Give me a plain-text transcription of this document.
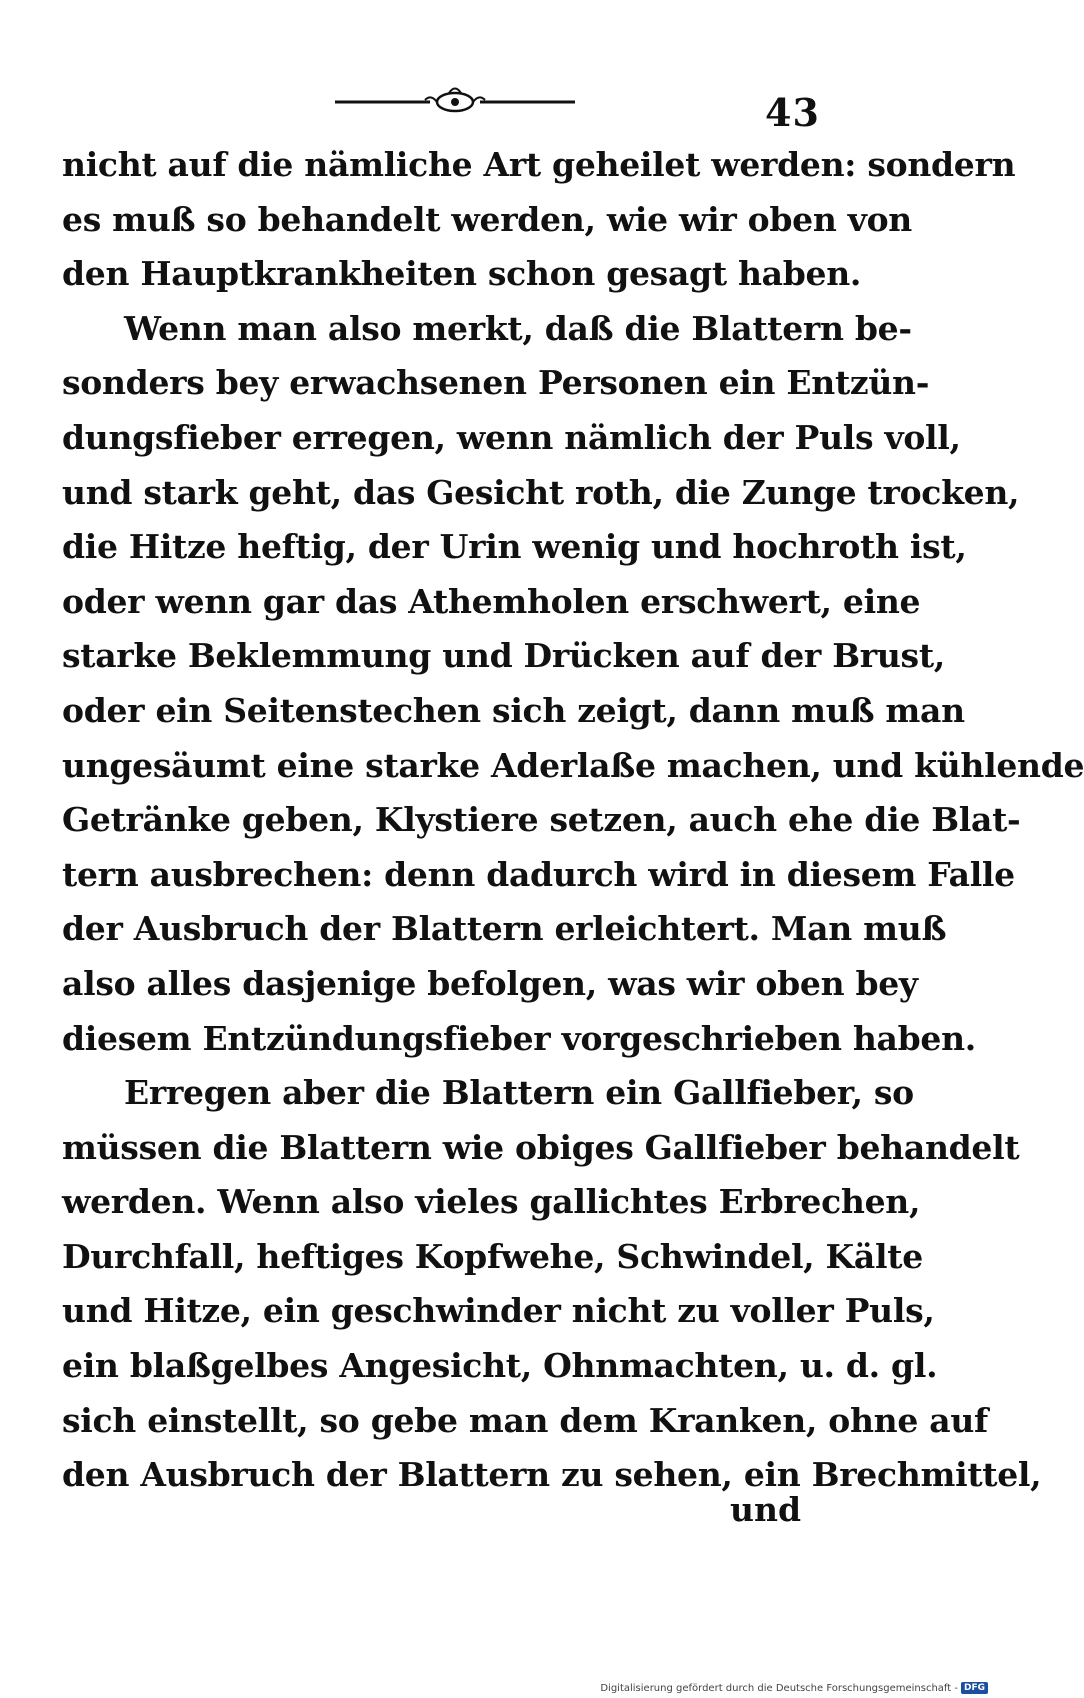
43
nicht auf die nämliche Art geheilet werden: sondern
es muß so behandelt werden, wie wir oben von
den Hauptkrankheiten schon gesagt haben.
Wenn man also merkt, daß die Blattern be-
sonders bey erwachsenen Personen ein Entzün-
dungsfieber erregen, wenn nämlich der Puls voll,
und stark geht, das Gesicht roth, die Zunge trocken,
die Hitze heftig, der Urin wenig und hochroth ist,
oder wenn gar das Athemholen erschwert, eine
starke Beklemmung und Drücken auf der Brust,
oder ein Seitenstechen sich zeigt, dann muß man
ungesäumt eine starke Aderlaße machen, und kühlende
Getränke geben, Klystiere setzen, auch ehe die Blat-
tern ausbrechen: denn dadurch wird in diesem Falle
der Ausbruch der Blattern erleichtert. Man muß
also alles dasjenige befolgen, was wir oben bey
diesem Entzündungsfieber vorgeschrieben haben.
Erregen aber die Blattern ein Gallfieber, so
müssen die Blattern wie obiges Gallfieber behandelt
werden. Wenn also vieles gallichtes Erbrechen,
Durchfall, heftiges Kopfwehe, Schwindel, Kälte
und Hitze, ein geschwinder nicht zu voller Puls,
ein blaßgelbes Angesicht, Ohnmachten, u. d. gl.
sich einstellt, so gebe man dem Kranken, ohne auf
den Ausbruch der Blattern zu sehen, ein Brechmittel,
und
Digitalisierung gefördert durch die Deutsche Forschungsgemeinschaft - DFG
